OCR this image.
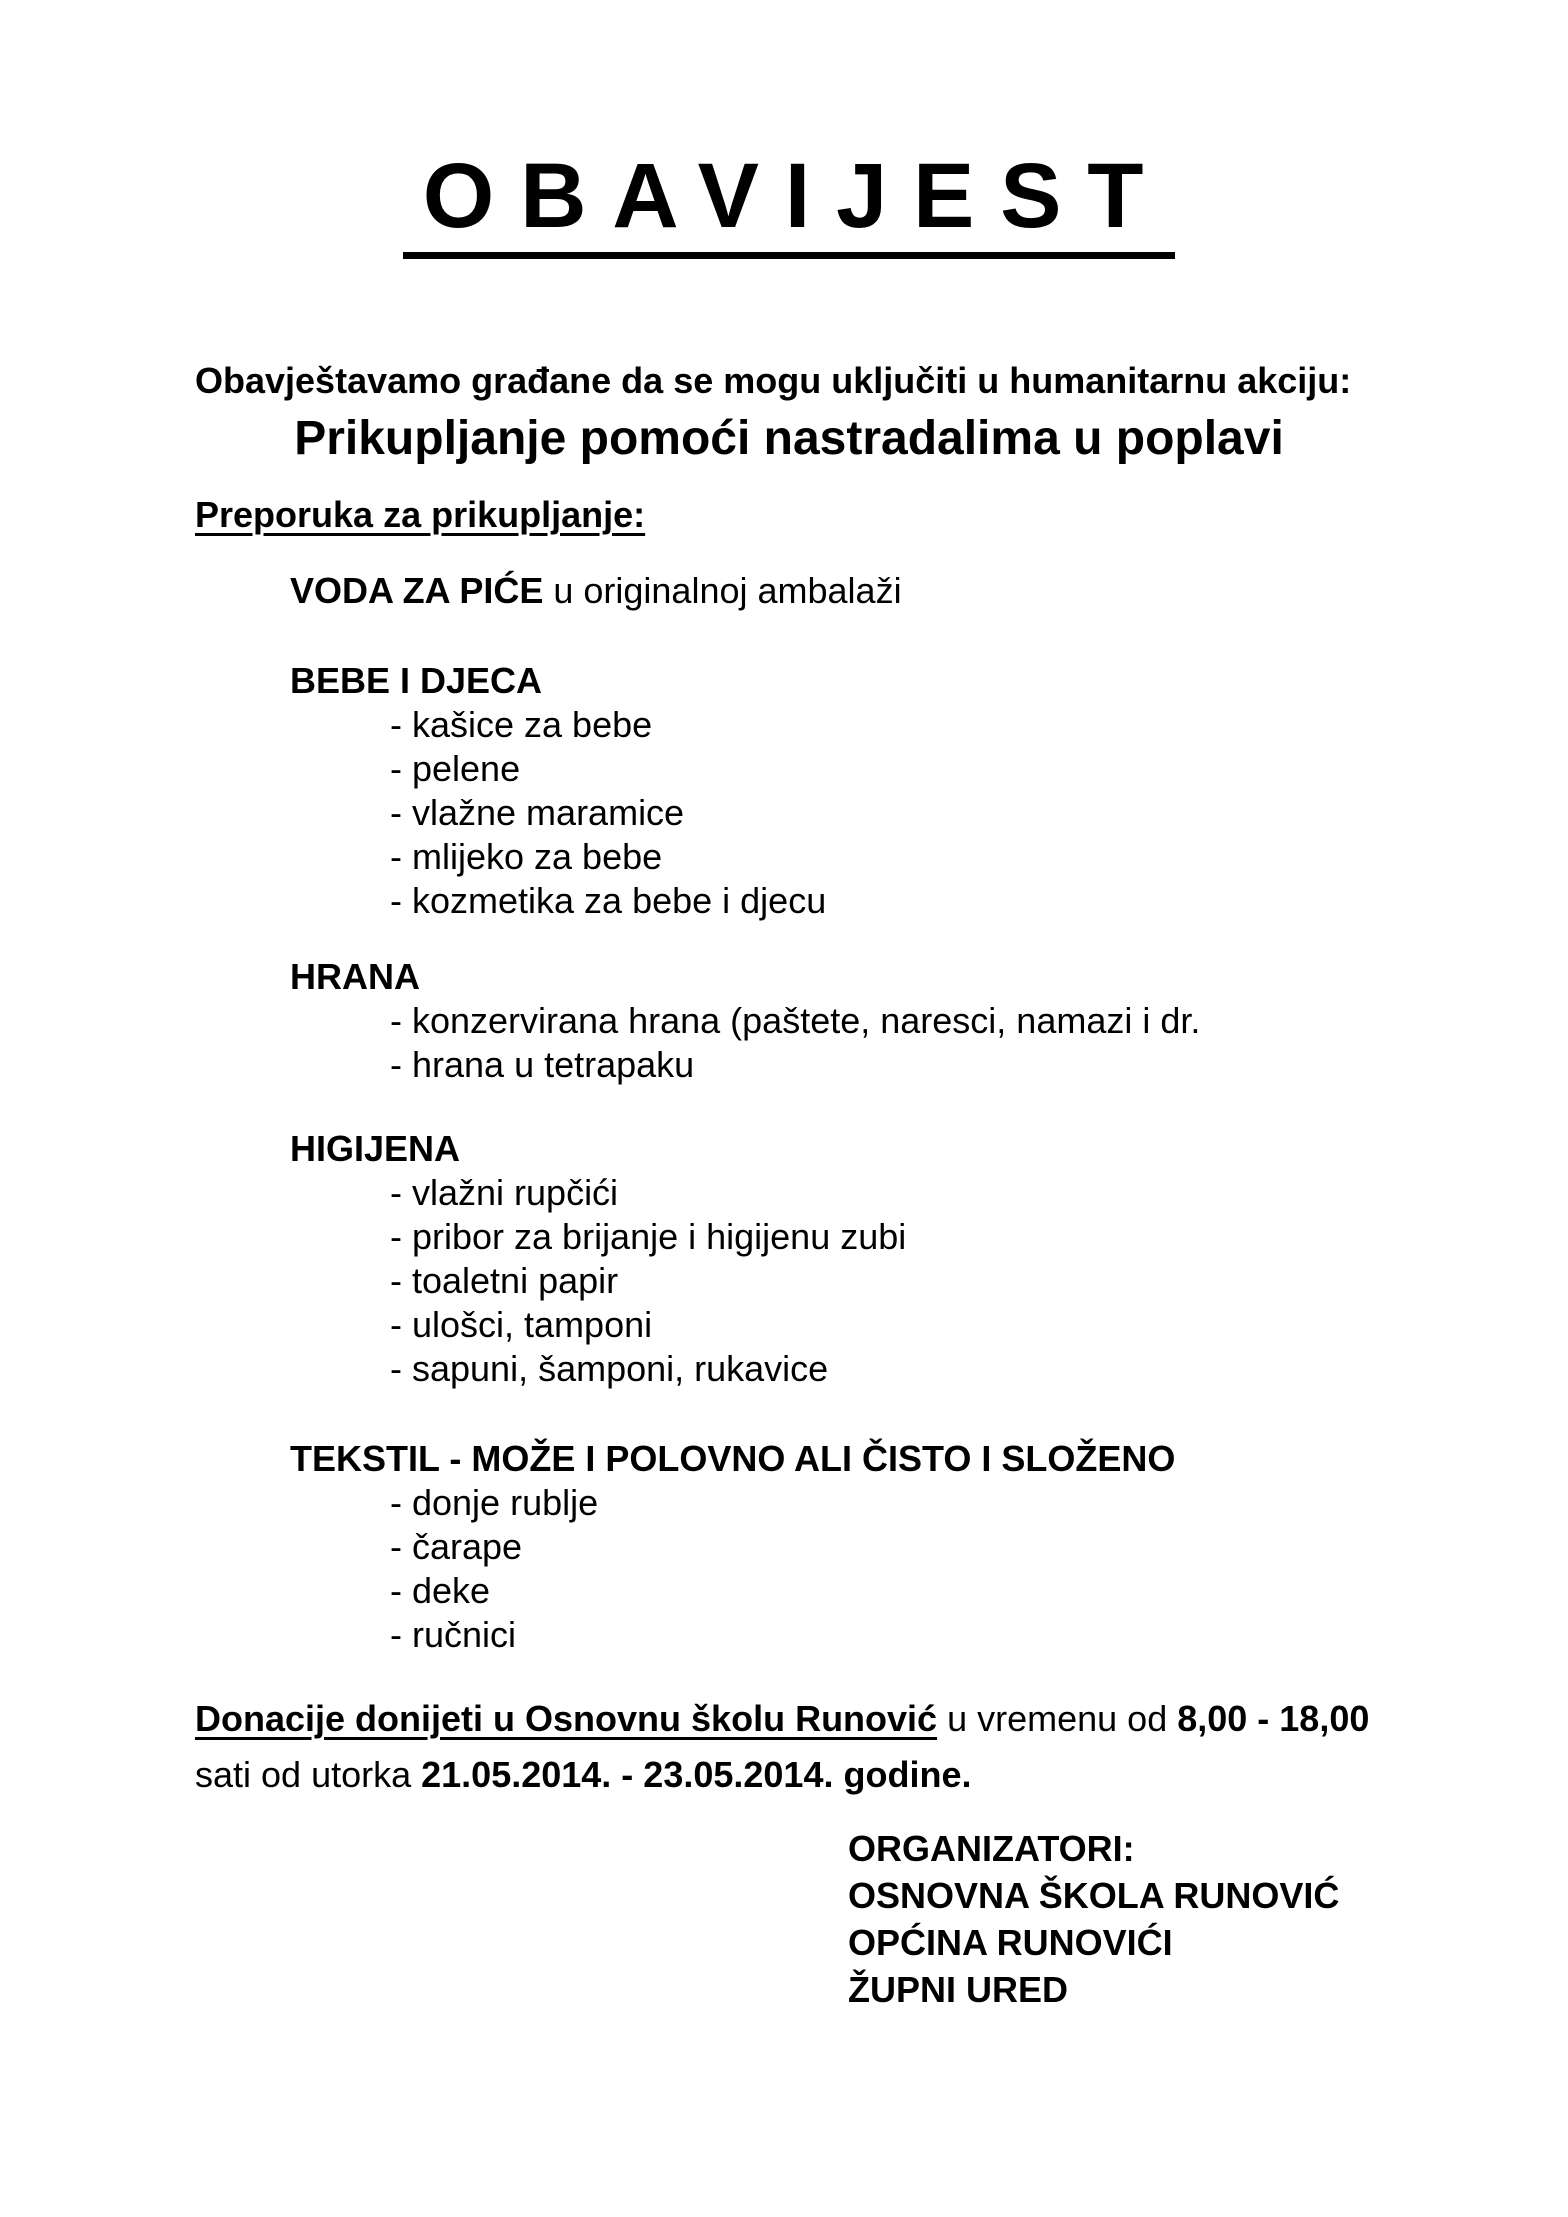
OBAVIJEST
Obavještavamo građane da se mogu uključiti u humanitarnu akciju:
Prikupljanje pomoći nastradalima u poplavi
Preporuka za prikupljanje:
VODA ZA PIĆE u originalnoj ambalaži
BEBE I DJECA
- kašice za bebe
- pelene
- vlažne maramice
- mlijeko za bebe
- kozmetika za bebe i djecu
HRANA
- konzervirana hrana (paštete, naresci, namazi i dr.
- hrana u tetrapaku
HIGIJENA
- vlažni rupčići
- pribor za brijanje i higijenu zubi
- toaletni papir
- ulošci, tamponi
- sapuni, šamponi, rukavice
TEKSTIL - MOŽE I POLOVNO ALI ČISTO I SLOŽENO
- donje rublje
- čarape
- deke
- ručnici
Donacije donijeti u Osnovnu školu Runović u vremenu od 8,00 - 18,00
sati od utorka 21.05.2014. - 23.05.2014. godine.
ORGANIZATORI:
OSNOVNA ŠKOLA RUNOVIĆ
OPĆINA RUNOVIĆI
ŽUPNI URED
